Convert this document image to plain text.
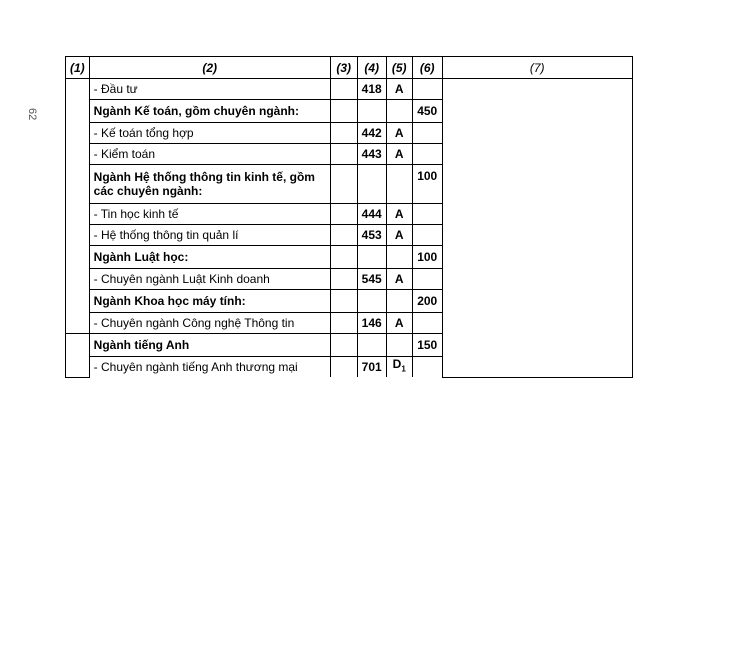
62
(1)	(2)	(3)	(4)	(5)	(6)	(7)
	- Đầu tư		418	A		
	Ngành Kế toán, gồm chuyên ngành:				450	
	- Kế toán tổng hợp		442	A		
	- Kiểm toán		443	A		
	Ngành Hệ thống thông tin kinh tế, gồm các chuyên ngành:				100	
	- Tin học kinh tế		444	A		
	- Hệ thống thông tin quản lí		453	A		
	Ngành Luật học:				100	
	- Chuyên ngành Luật Kinh doanh		545	A		
	Ngành Khoa học máy tính:				200	
	- Chuyên ngành Công nghệ Thông tin		146	A		
	Ngành tiếng Anh				150	
	- Chuyên ngành tiếng Anh thương mại		701	$D_1$	
